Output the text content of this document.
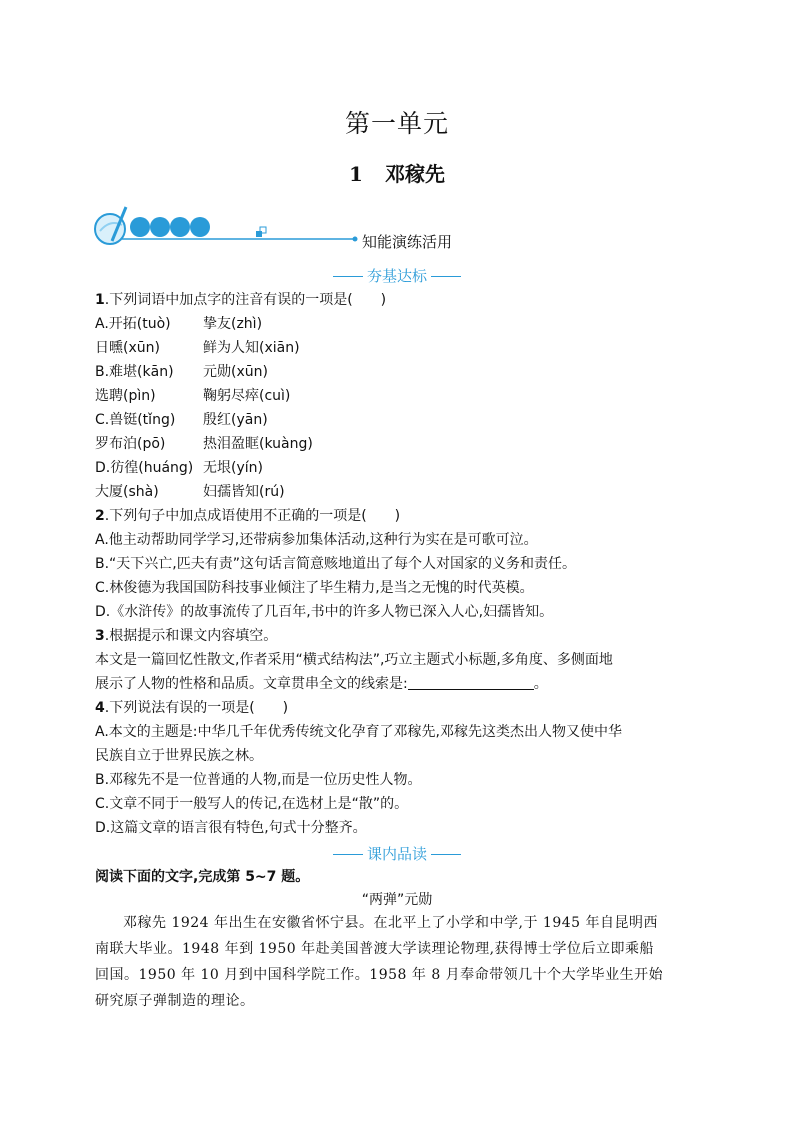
第一单元
1 邓稼先
知能演练活用
夯基达标

1.下列词语中加点字的注音有误的一项是(　　)

A.开拓(tuò)	挚友(zhì)
日曛(xūn)	鲜为人知(xiān)
B.难堪(kān)	元勋(xūn)
选聘(pìn)	鞠躬尽瘁(cuì)
C.兽铤(tǐng)	殷红(yān)
罗布泊(pō)	热泪盈眶(kuàng)
D.彷徨(huáng) 无垠(yín)
大厦(shà)	妇孺皆知(rú)

2.下列句子中加点成语使用不正确的一项是(　　)

A.他主动帮助同学学习,还带病参加集体活动,这种行为实在是可歌可泣。

B.“天下兴亡,匹夫有责”这句话言简意赅地道出了每个人对国家的义务和责任。

C.林俊德为我国国防科技事业倾注了毕生精力,是当之无愧的时代英模。

D.《水浒传》的故事流传了几百年,书中的许多人物已深入人心,妇孺皆知。

3.根据提示和课文内容填空。

本文是一篇回忆性散文,作者采用“横式结构法”,巧立主题式小标题,多角度、多侧面地

展示了人物的性格和品质。文章贯串全文的线索是:	。

4.下列说法有误的一项是(　　)

A.本文的主题是:中华几千年优秀传统文化孕育了邓稼先,邓稼先这类杰出人物又使中华

民族自立于世界民族之林。

B.邓稼先不是一位普通的人物,而是一位历史性人物。

C.文章不同于一般写人的传记,在选材上是“散”的。

D.这篇文章的语言很有特色,句式十分整齐。

课内品读
阅读下面的文字,完成第 5~7 题。
“两弹”元勋
邓稼先 1924 年出生在安徽省怀宁县。在北平上了小学和中学,于 1945 年自昆明西
南联大毕业。1948 年到 1950 年赴美国普渡大学读理论物理,获得博士学位后立即乘船
回国。1950 年 10 月到中国科学院工作。1958 年 8 月奉命带领几十个大学毕业生开始
研究原子弹制造的理论。
